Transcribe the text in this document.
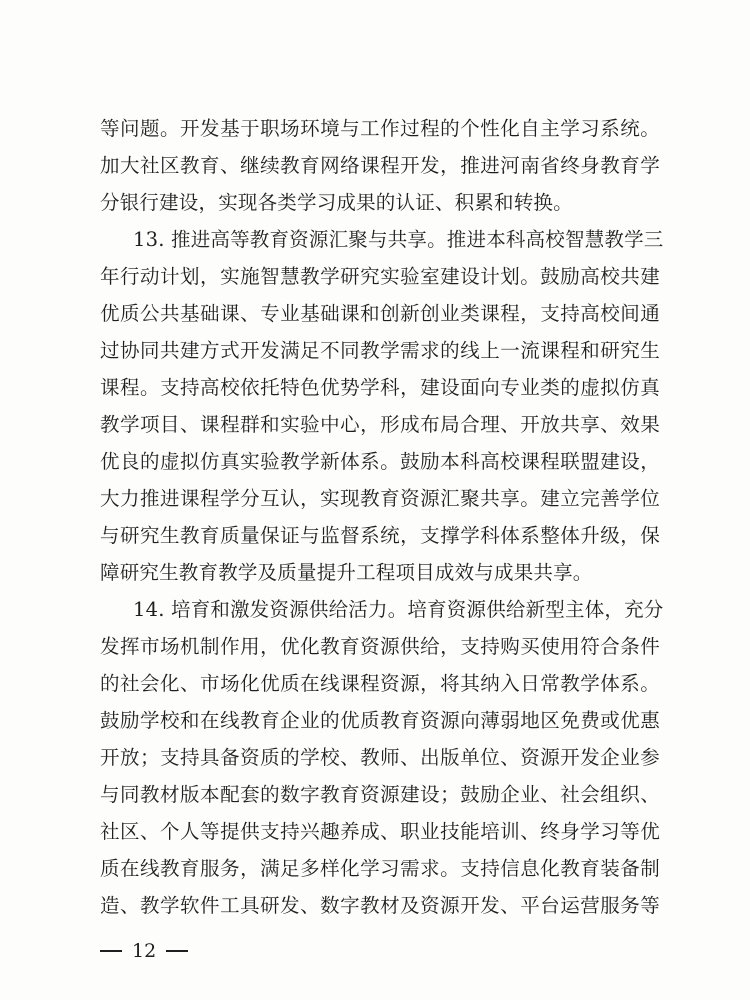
等问题。开发基于职场环境与工作过程的个性化自主学习系统。
加大社区教育、继续教育网络课程开发，推进河南省终身教育学
分银行建设，实现各类学习成果的认证、积累和转换。
13. 推进高等教育资源汇聚与共享。推进本科高校智慧教学三
年行动计划，实施智慧教学研究实验室建设计划。鼓励高校共建
优质公共基础课、专业基础课和创新创业类课程，支持高校间通
过协同共建方式开发满足不同教学需求的线上一流课程和研究生
课程。支持高校依托特色优势学科，建设面向专业类的虚拟仿真
教学项目、课程群和实验中心，形成布局合理、开放共享、效果
优良的虚拟仿真实验教学新体系。鼓励本科高校课程联盟建设，
大力推进课程学分互认，实现教育资源汇聚共享。建立完善学位
与研究生教育质量保证与监督系统，支撑学科体系整体升级，保
障研究生教育教学及质量提升工程项目成效与成果共享。
14. 培育和激发资源供给活力。培育资源供给新型主体，充分
发挥市场机制作用，优化教育资源供给，支持购买使用符合条件
的社会化、市场化优质在线课程资源，将其纳入日常教学体系。
鼓励学校和在线教育企业的优质教育资源向薄弱地区免费或优惠
开放；支持具备资质的学校、教师、出版单位、资源开发企业参
与同教材版本配套的数字教育资源建设；鼓励企业、社会组织、
社区、个人等提供支持兴趣养成、职业技能培训、终身学习等优
质在线教育服务，满足多样化学习需求。支持信息化教育装备制
造、教学软件工具研发、数字教材及资源开发、平台运营服务等
12
